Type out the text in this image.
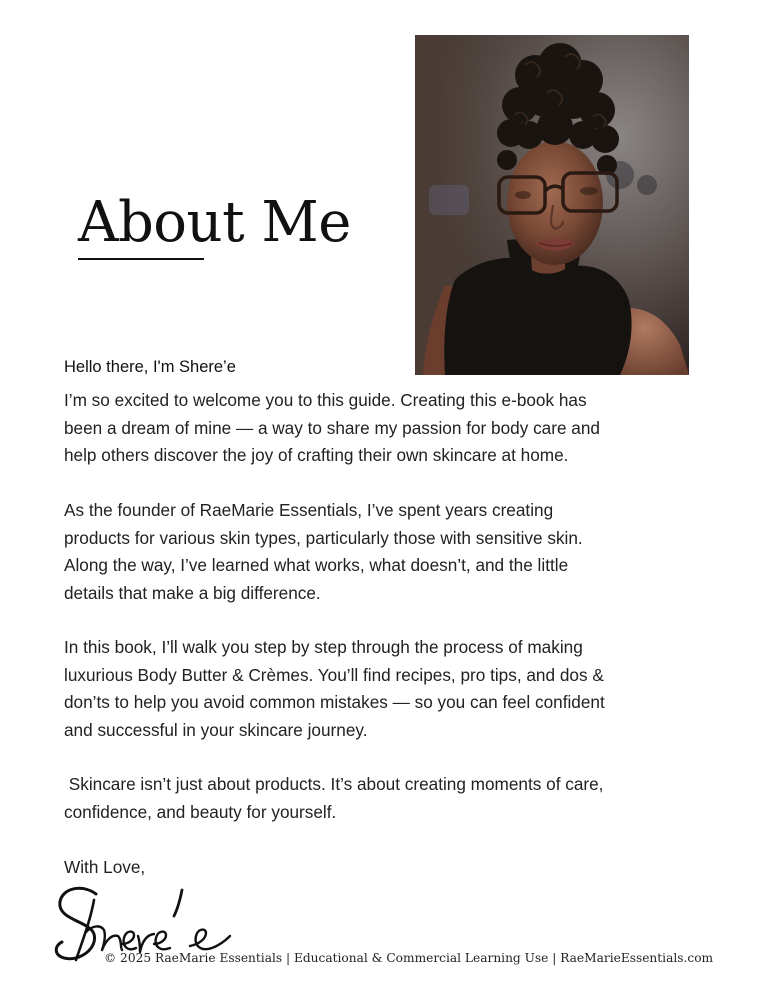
About Me
Hello there, I'm Shere’e
I’m so excited to welcome you to this guide. Creating this e-book has
been a dream of mine — a way to share my passion for body care and
help others discover the joy of crafting their own skincare at home.
As the founder of RaeMarie Essentials, I’ve spent years creating
products for various skin types, particularly those with sensitive skin.
Along the way, I’ve learned what works, what doesn’t, and the little
details that make a big difference.
In this book, I’ll walk you step by step through the process of making
luxurious Body Butter & Crèmes. You’ll find recipes, pro tips, and dos &
don’ts to help you avoid common mistakes — so you can feel confident
and successful in your skincare journey.
Skincare isn’t just about products. It’s about creating moments of care,
confidence, and beauty for yourself.
With Love,
© 2025 RaeMarie Essentials | Educational & Commercial Learning Use | RaeMarieEssentials.com
